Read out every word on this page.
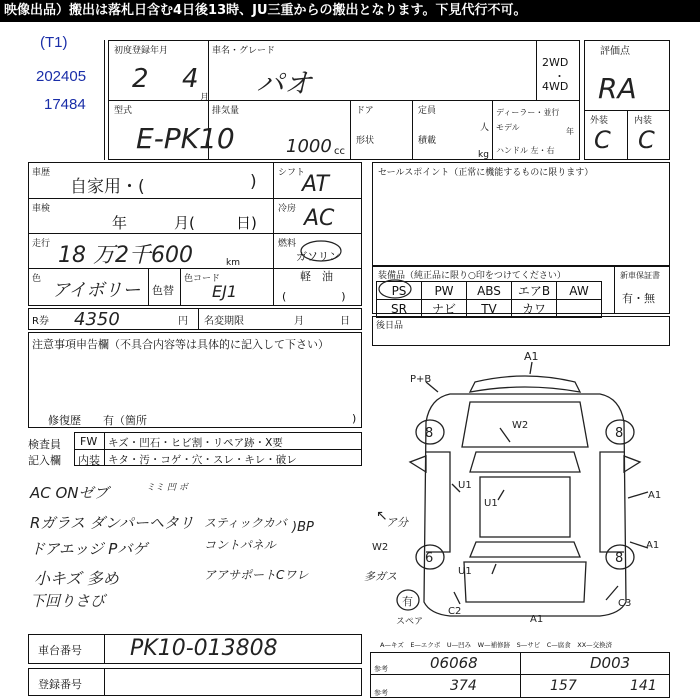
映像出品）搬出は落札日含む4日後13時、JU三重からの搬出となります。下見代行不可。
(T1)
202405
17484
初度登録年月
2 4
月
車名・グレード
パオ
2WD
・
4WD
型式
E-PK10
排気量
1000 cc
ドア
形状
定員
人
積載
kg
ディーラー・並行
モデル	年
ハンドル 左・右
評価点
RA
外装	内装
C C
車歴
自家用・(	)
車検
年	月(	日)
走行 18 万2千600	km
色
アイボリー 色替
色コード
EJ1
シフト
AT
冷房 AC
燃料
ガソリン
軽　油
(　　　　　)
セールスポイント（正常に機能するものに限ります）
装備品（純正品に限り○印をつけてください）
PS	PW	ABS	エアB	AW
SR	ナビ	TV	カワ	
新車保証書
有・無
R券 4350	円 名変期限	月	日	後日品
注意事項申告欄（不具合内容等は具体的に記入して下さい）
修復歴　　有（箇所	)
検査員
記入欄
FW キズ・凹石・ヒビ割・リペア跡・X要
内装 キタ・汚・コゲ・穴・スレ・キレ・破レ
AC ONゼブ	ミミ 凹 ボ
Rガラス ダンパーヘタリ
ドアエッジ Pバゲ
小キズ 多め
下回りさび
スティックカバ
コントパネル
)BP
アアサポートCワレ
A1
P+B
W2
U1
U1
A1
A1
W2
U1
C2
C3
A1
8	8
6	8
有
スペア
多ガス
↖
ア分
車台番号 PK10-013808
登録番号
A—キズ　E—エクボ　U—凹み　W—補修跡　S—サビ　C—腐食　XX—交換済
参考	06068	D003
参考	374	157	141
